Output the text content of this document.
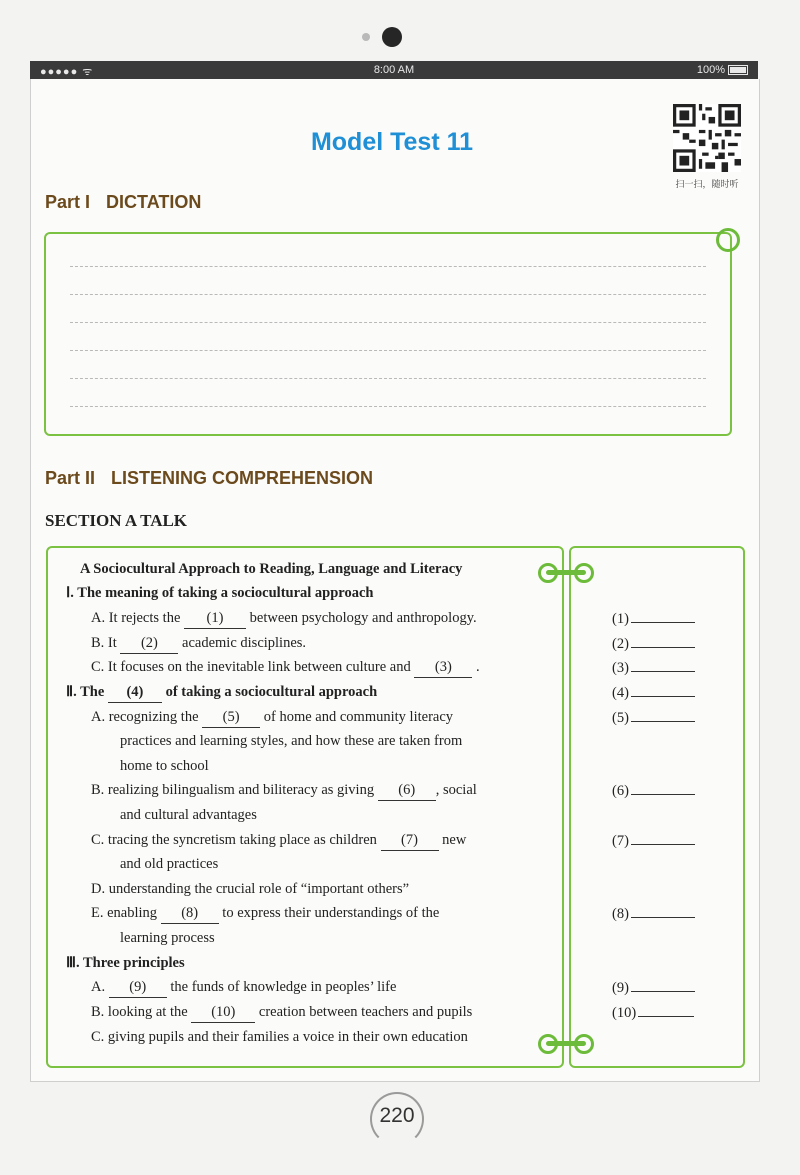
●●●●● ᯤ	8:00 AM	100%
Model Test 11
扫一扫，随时听
Part I DICTATION
Part II LISTENING COMPREHENSION
SECTION A TALK
A Sociocultural Approach to Reading, Language and Literacy
Ⅰ. The meaning of taking a sociocultural approach
A. It rejects the (1) between psychology and anthropology.
B. It (2) academic disciplines.
C. It focuses on the inevitable link between culture and (3) .
Ⅱ. The (4) of taking a sociocultural approach
A. recognizing the (5) of home and community literacy
practices and learning styles, and how these are taken from
home to school
B. realizing bilingualism and biliteracy as giving (6) , social
and cultural advantages
C. tracing the syncretism taking place as children (7) new
and old practices
D. understanding the crucial role of “important others”
E. enabling (8) to express their understandings of the
learning process
Ⅲ. Three principles
A. (9) the funds of knowledge in peoples’ life
B. looking at the (10) creation between teachers and pupils
C. giving pupils and their families a voice in their own education
(1)
(2)
(3)
(4)
(5)
(6)
(7)
(8)
(9)
(10)
220
